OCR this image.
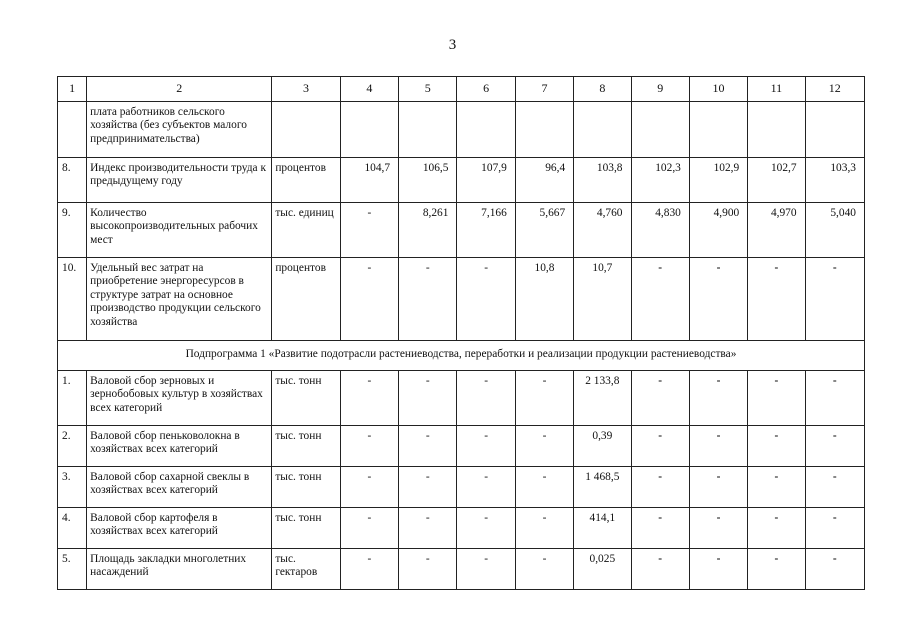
3
1	2	3	4	5	6	7	8	9	10	11	12
	плата работников сельского хозяйства (без субъектов малого предпринимательства)										
8.	Индекс производительности труда к предыдущему году	процентов	104,7	106,5	107,9	96,4	103,8	102,3	102,9	102,7	103,3
9.	Количество высокопроизводительных рабочих мест	тыс. единиц	-	8,261	7,166	5,667	4,760	4,830	4,900	4,970	5,040
10.	Удельный вес затрат на приобретение энергоресурсов в структуре затрат на основное производство продукции сельского хозяйства	процентов	-	-	-	10,8	10,7	-	-	-	-
Подпрограмма 1 «Развитие подотрасли растениеводства, переработки и реализации продукции растениеводства»											
1.	Валовой сбор зерновых и зернобобовых культур в хозяйствах всех категорий	тыс. тонн	-	-	-	-	2 133,8	-	-	-	-
2.	Валовой сбор пеньковолокна в хозяйствах всех категорий	тыс. тонн	-	-	-	-	0,39	-	-	-	-
3.	Валовой сбор сахарной свеклы в хозяйствах всех категорий	тыс. тонн	-	-	-	-	1 468,5	-	-	-	-
4.	Валовой сбор картофеля в хозяйствах всех категорий	тыс. тонн	-	-	-	-	414,1	-	-	-	-
5.	Площадь закладки многолетних насаждений	тыс. гектаров	-	-	-	-	0,025	-	-	-	-
